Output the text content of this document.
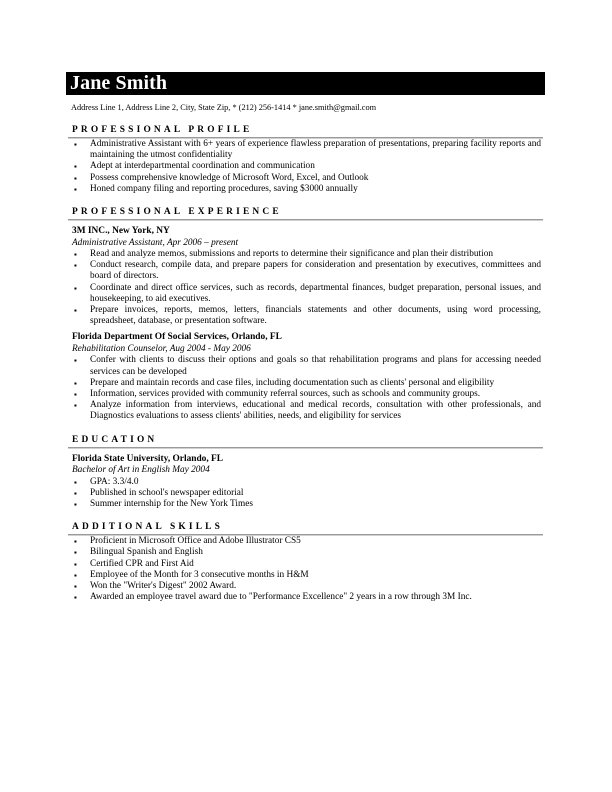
Jane Smith
Address Line 1, Address Line 2, City, State Zip, * (212) 256-1414 * jane.smith@gmail.com
PROFESSIONAL PROFILE
▪ Administrative Assistant with 6+ years of experience flawless preparation of presentations, preparing facility reports and maintaining the utmost confidentiality
▪ Adept at interdepartmental coordination and communication
▪ Possess comprehensive knowledge of Microsoft Word, Excel, and Outlook
▪ Honed company filing and reporting procedures, saving $3000 annually
PROFESSIONAL EXPERIENCE
3M INC., New York, NY
Administrative Assistant, Apr 2006 – present
▪ Read and analyze memos, submissions and reports to determine their significance and plan their distribution
▪ Conduct research, compile data, and prepare papers for consideration and presentation by executives, committees and board of directors.
▪ Coordinate and direct office services, such as records, departmental finances, budget preparation, personal issues, and housekeeping, to aid executives.
▪ Prepare invoices, reports, memos, letters, financials statements and other documents, using word processing, spreadsheet, database, or presentation software.
Florida Department Of Social Services, Orlando, FL
Rehabilitation Counselor, Aug 2004 - May 2006
▪ Confer with clients to discuss their options and goals so that rehabilitation programs and plans for accessing needed services can be developed
▪ Prepare and maintain records and case files, including documentation such as clients' personal and eligibility
▪ Information, services provided with community referral sources, such as schools and community groups.
▪ Analyze information from interviews, educational and medical records, consultation with other professionals, and Diagnostics evaluations to assess clients' abilities, needs, and eligibility for services
EDUCATION
Florida State University, Orlando, FL
Bachelor of Art in English May 2004
▪ GPA: 3.3/4.0
▪ Published in school's newspaper editorial
▪ Summer internship for the New York Times
ADDITIONAL SKILLS
▪ Proficient in Microsoft Office and Adobe Illustrator CS5
▪ Bilingual Spanish and English
▪ Certified CPR and First Aid
▪ Employee of the Month for 3 consecutive months in H&M
▪ Won the "Writer's Digest" 2002 Award.
▪ Awarded an employee travel award due to "Performance Excellence" 2 years in a row through 3M Inc.
